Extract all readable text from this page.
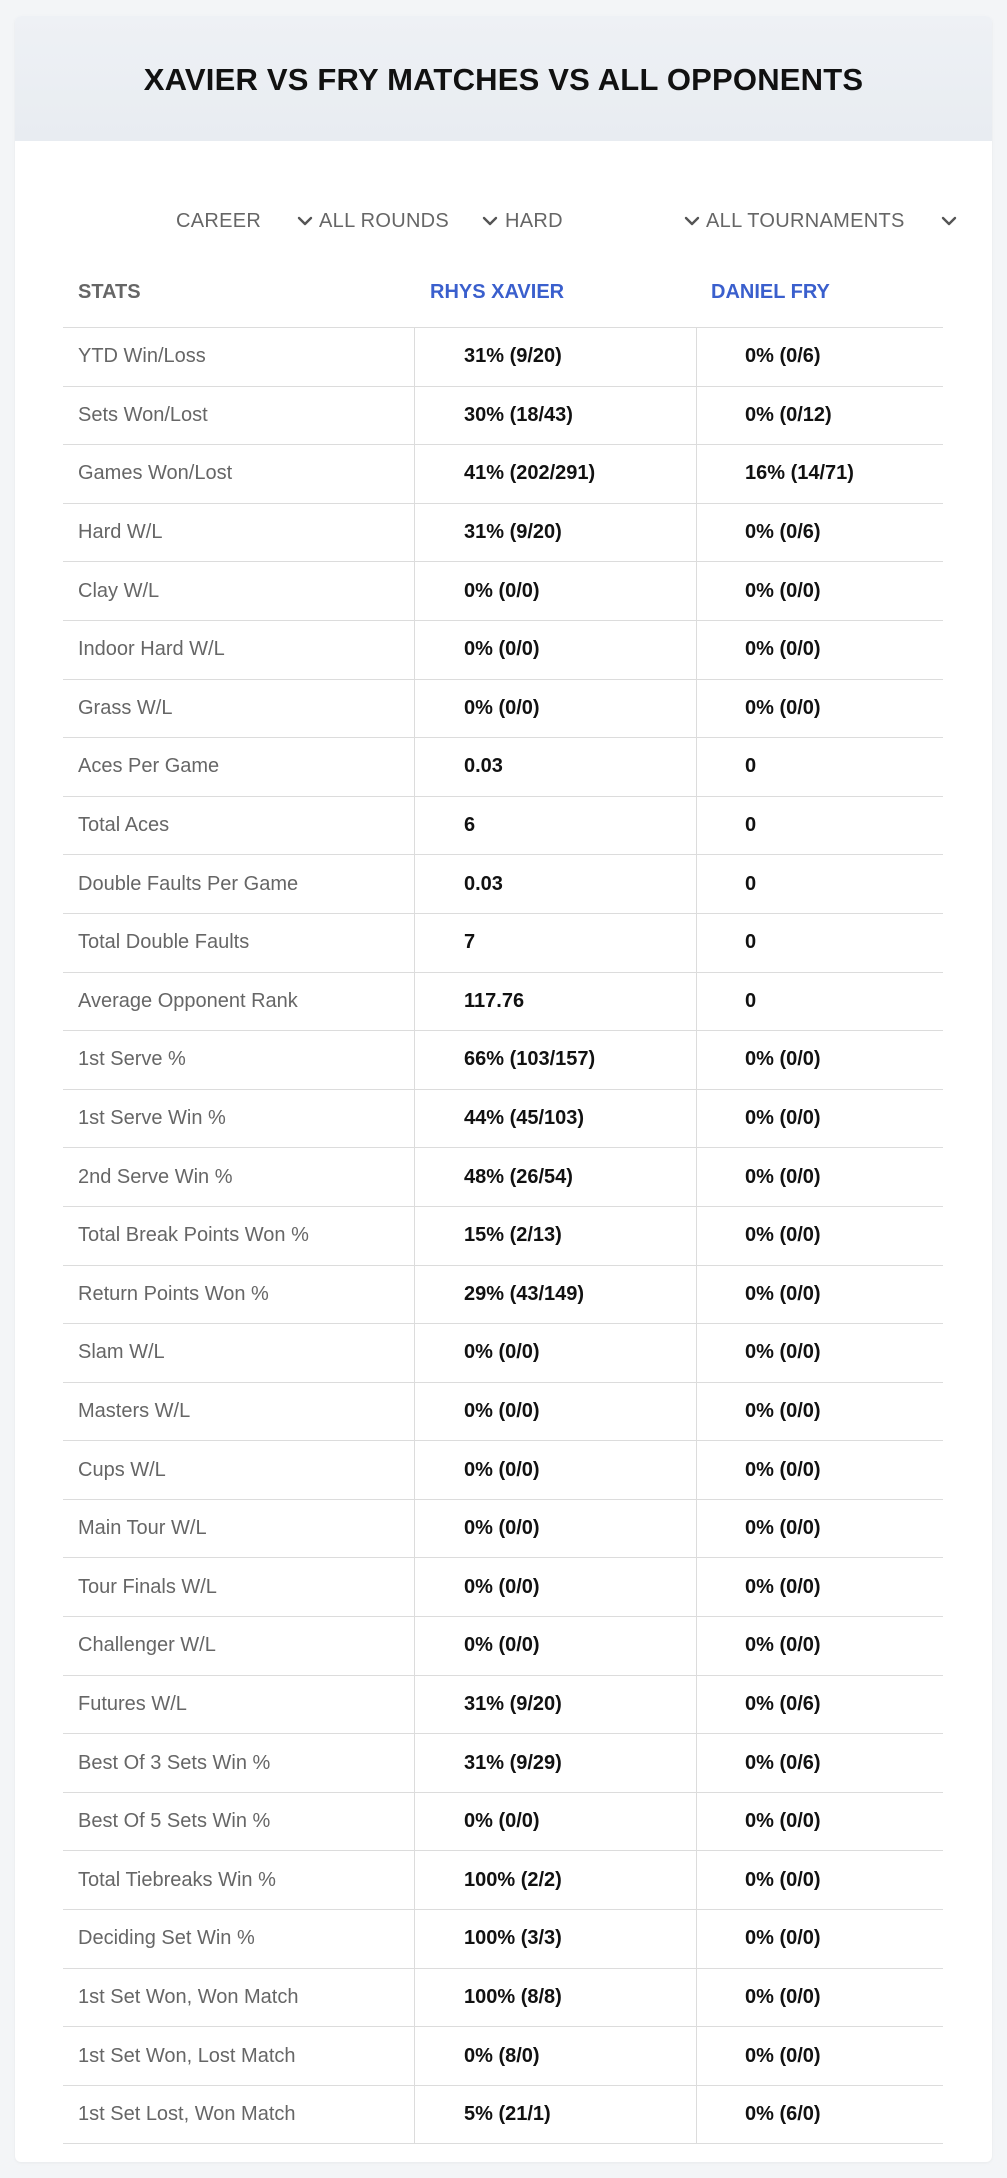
XAVIER VS FRY MATCHES VS ALL OPPONENTS
CAREER	ALL ROUNDS	HARD	ALL TOURNAMENTS
STATS	RHYS XAVIER	DANIEL FRY
YTD Win/Loss	31% (9/20)	0% (0/6)
Sets Won/Lost	30% (18/43)	0% (0/12)
Games Won/Lost	41% (202/291)	16% (14/71)
Hard W/L	31% (9/20)	0% (0/6)
Clay W/L	0% (0/0)	0% (0/0)
Indoor Hard W/L	0% (0/0)	0% (0/0)
Grass W/L	0% (0/0)	0% (0/0)
Aces Per Game	0.03	0
Total Aces	6	0
Double Faults Per Game	0.03	0
Total Double Faults	7	0
Average Opponent Rank	117.76	0
1st Serve %	66% (103/157)	0% (0/0)
1st Serve Win %	44% (45/103)	0% (0/0)
2nd Serve Win %	48% (26/54)	0% (0/0)
Total Break Points Won %	15% (2/13)	0% (0/0)
Return Points Won %	29% (43/149)	0% (0/0)
Slam W/L	0% (0/0)	0% (0/0)
Masters W/L	0% (0/0)	0% (0/0)
Cups W/L	0% (0/0)	0% (0/0)
Main Tour W/L	0% (0/0)	0% (0/0)
Tour Finals W/L	0% (0/0)	0% (0/0)
Challenger W/L	0% (0/0)	0% (0/0)
Futures W/L	31% (9/20)	0% (0/6)
Best Of 3 Sets Win %	31% (9/29)	0% (0/6)
Best Of 5 Sets Win %	0% (0/0)	0% (0/0)
Total Tiebreaks Win %	100% (2/2)	0% (0/0)
Deciding Set Win %	100% (3/3)	0% (0/0)
1st Set Won, Won Match	100% (8/8)	0% (0/0)
1st Set Won, Lost Match	0% (8/0)	0% (0/0)
1st Set Lost, Won Match	5% (21/1)	0% (6/0)
